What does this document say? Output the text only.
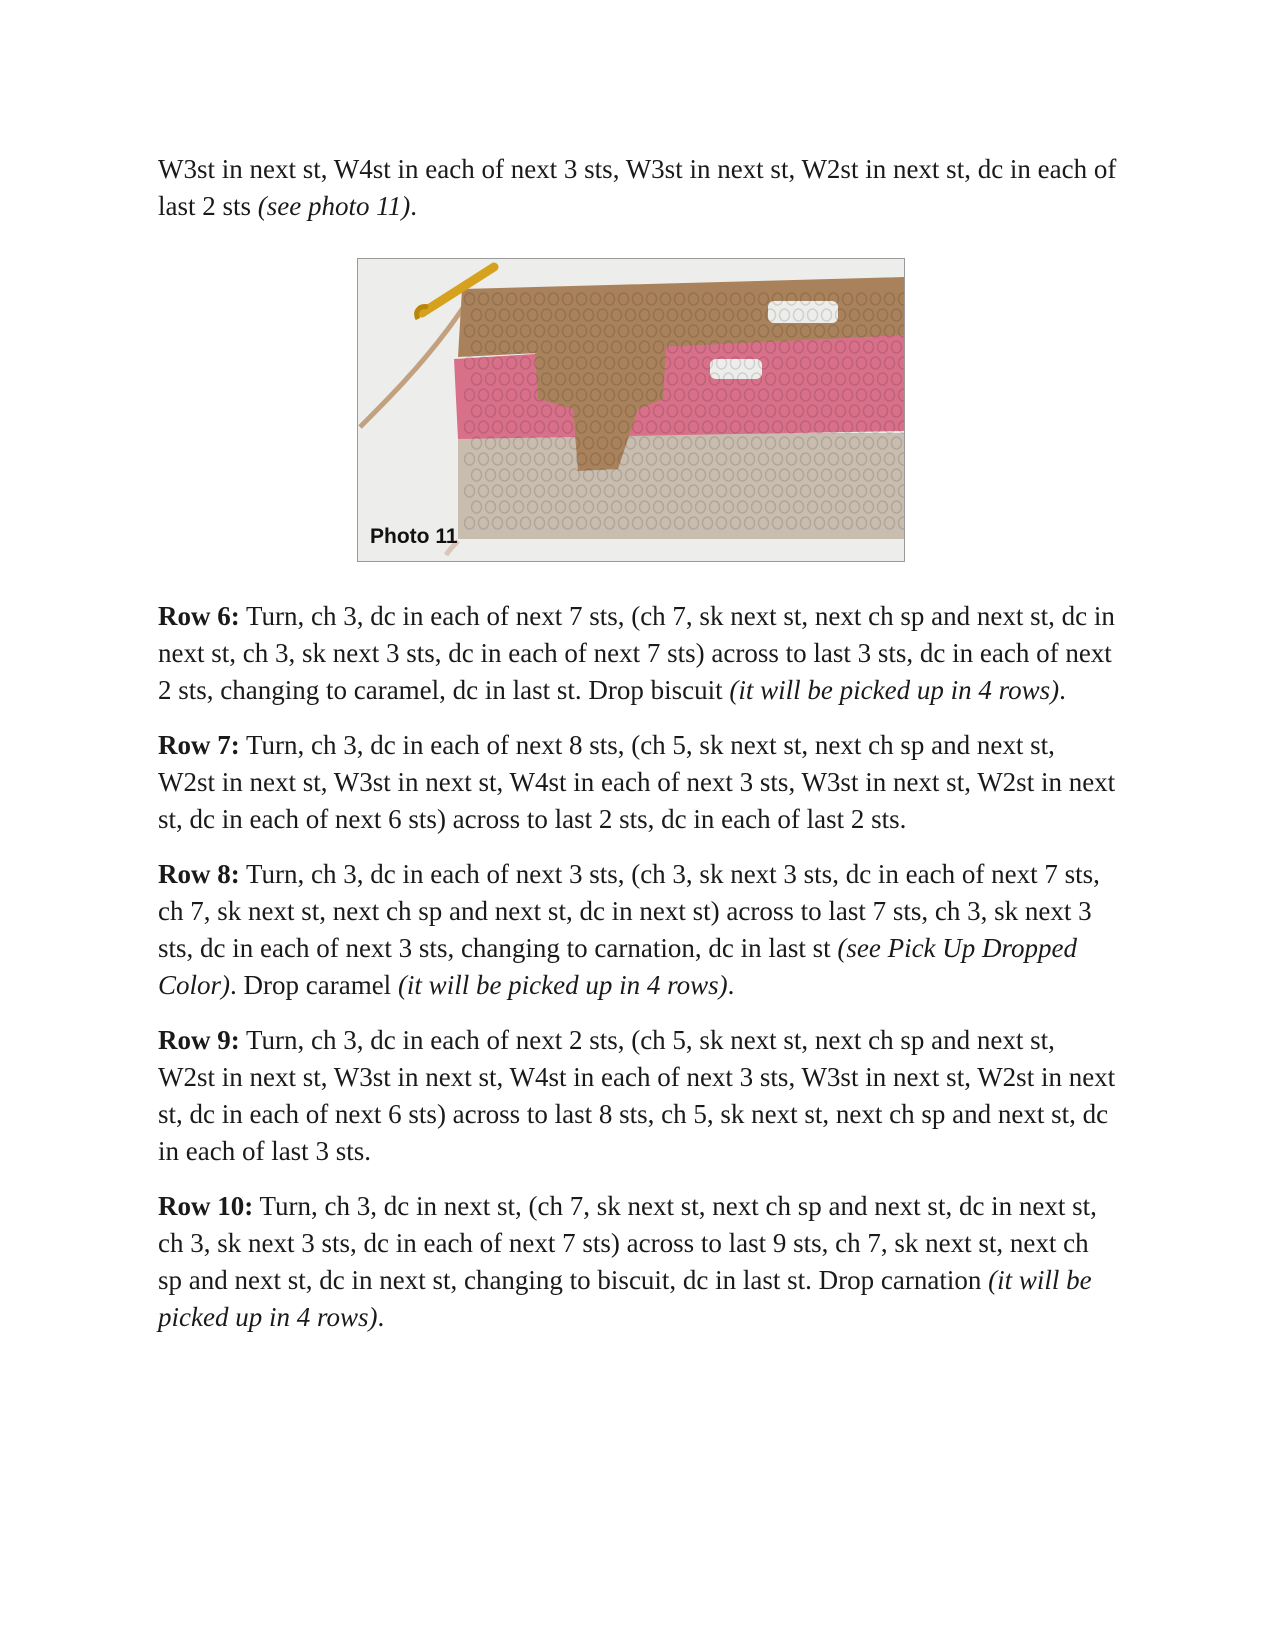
W3st in next st, W4st in each of next 3 sts, W3st in next st, W2st in next st, dc in each of last 2 sts (see photo 11).

Photo 11

Row 6: Turn, ch 3, dc in each of next 7 sts, (ch 7, sk next st, next ch sp and next st, dc in next st, ch 3, sk next 3 sts, dc in each of next 7 sts) across to last 3 sts, dc in each of next 2 sts, changing to caramel, dc in last st. Drop biscuit (it will be picked up in 4 rows).

Row 7: Turn, ch 3, dc in each of next 8 sts, (ch 5, sk next st, next ch sp and next st, W2st in next st, W3st in next st, W4st in each of next 3 sts, W3st in next st, W2st in next st, dc in each of next 6 sts) across to last 2 sts, dc in each of last 2 sts.

Row 8: Turn, ch 3, dc in each of next 3 sts, (ch 3, sk next 3 sts, dc in each of next 7 sts, ch 7, sk next st, next ch sp and next st, dc in next st) across to last 7 sts, ch 3, sk next 3 sts, dc in each of next 3 sts, changing to carnation, dc in last st (see Pick Up Dropped Color). Drop caramel (it will be picked up in 4 rows).

Row 9: Turn, ch 3, dc in each of next 2 sts, (ch 5, sk next st, next ch sp and next st, W2st in next st, W3st in next st, W4st in each of next 3 sts, W3st in next st, W2st in next st, dc in each of next 6 sts) across to last 8 sts, ch 5, sk next st, next ch sp and next st, dc in each of last 3 sts.

Row 10: Turn, ch 3, dc in next st, (ch 7, sk next st, next ch sp and next st, dc in next st, ch 3, sk next 3 sts, dc in each of next 7 sts) across to last 9 sts, ch 7, sk next st, next ch sp and next st, dc in next st, changing to biscuit, dc in last st. Drop carnation (it will be picked up in 4 rows).
